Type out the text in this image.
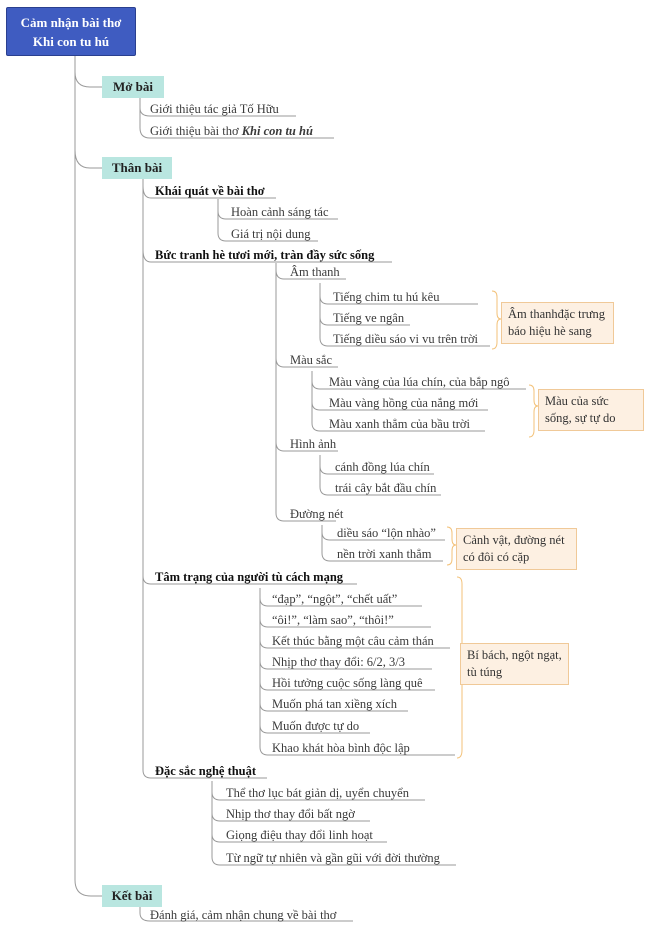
Cảm nhận bài thơ
Khi con tu hú
Mở bài
Giới thiệu tác giả Tố Hữu
Giới thiệu bài thơ Khi con tu hú
Thân bài
Khái quát về bài thơ
Hoàn cảnh sáng tác
Giá trị nội dung
Bức tranh hè tươi mới, tràn đầy sức sống
Âm thanh
Tiếng chim tu hú kêu
Tiếng ve ngân
Tiếng diều sáo vi vu trên trời
Âm thanhđặc trưng báo hiệu hè sang
Màu sắc
Màu vàng của lúa chín, của bắp ngô
Màu vàng hồng của nắng mới
Màu xanh thẳm của bầu trời
Màu của sức sống, sự tự do
Hình ảnh
cánh đồng lúa chín
trái cây bắt đầu chín
Đường nét
diều sáo “lộn nhào”
nền trời xanh thẳm
Cảnh vật, đường nét có đôi có cặp
Tâm trạng của người tù cách mạng
“đạp”, “ngột”, “chết uất”
“ôi!”, “làm sao”, “thôi!”
Kết thúc bằng một câu cảm thán
Nhịp thơ thay đổi: 6/2, 3/3
Hồi tưởng cuộc sống làng quê
Muốn phá tan xiềng xích
Muốn được tự do
Khao khát hòa bình độc lập
Bí bách, ngột ngạt, tù túng
Đặc sắc nghệ thuật
Thể thơ lục bát giản dị, uyển chuyển
Nhịp thơ thay đổi bất ngờ
Giọng điệu thay đổi linh hoạt
Từ ngữ tự nhiên và gần gũi với đời thường
Kết bài
Đánh giá, cảm nhận chung về bài thơ
